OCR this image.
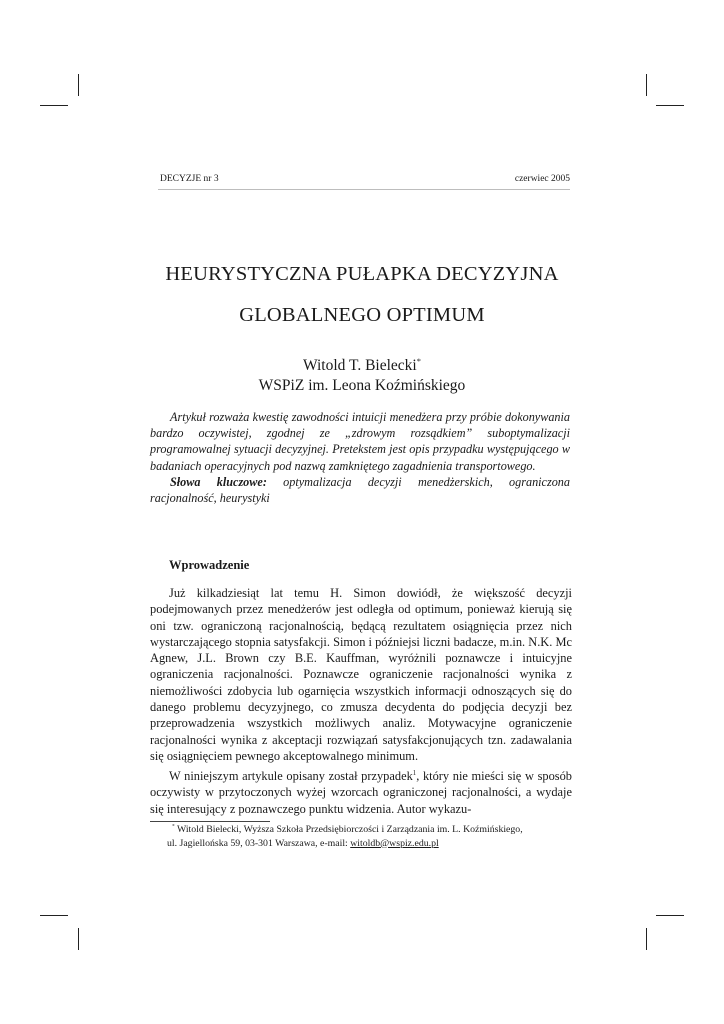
DECYZJE nr 3	czerwiec 2005
HEURYSTYCZNA PUŁAPKA DECYZYJNA
GLOBALNEGO OPTIMUM
Witold T. Bielecki*
WSPiZ im. Leona Koźmińskiego

Artykuł rozważa kwestię zawodności intuicji menedżera przy próbie dokonywania bardzo oczywistej, zgodnej ze „zdrowym rozsądkiem” suboptymalizacji programowalnej sytuacji decyzyjnej. Pretekstem jest opis przypadku występującego w badaniach operacyjnych pod nazwą zamkniętego zagadnienia transportowego.

Słowa kluczowe: optymalizacja decyzji menedżerskich, ograniczona racjonalność, heurystyki

Wprowadzenie

Już kilkadziesiąt lat temu H. Simon dowiódł, że większość decyzji podejmowanych przez menedżerów jest odległa od optimum, ponieważ kierują się oni tzw. ograniczoną racjonalnością, będącą rezultatem osiągnięcia przez nich wystarczającego stopnia satysfakcji. Simon i późniejsi liczni badacze, m.in. N.K. Mc Agnew, J.L. Brown czy B.E. Kauffman, wyróżnili poznawcze i intuicyjne ograniczenia racjonalności. Poznawcze ograniczenie racjonalności wynika z niemożliwości zdobycia lub ogarnięcia wszystkich informacji odnoszących się do danego problemu decyzyjnego, co zmusza decydenta do podjęcia decyzji bez przeprowadzenia wszystkich możliwych analiz. Motywacyjne ograniczenie racjonalności wynika z akceptacji rozwiązań satysfakcjonujących tzn. zadawalania się osiągnięciem pewnego akceptowalnego minimum.

W niniejszym artykule opisany został przypadek$^1$, który nie mieści się w sposób oczywisty w przytoczonych wyżej wzorcach ograniczonej racjonalności, a wydaje się interesujący z poznawczego punktu widzenia. Autor wykazu-

* Witold Bielecki, Wyższa Szkoła Przedsiębiorczości i Zarządzania im. L. Koźmińskiego,
ul. Jagiellońska 59, 03-301 Warszawa, e-mail: witoldb@wspiz.edu.pl
